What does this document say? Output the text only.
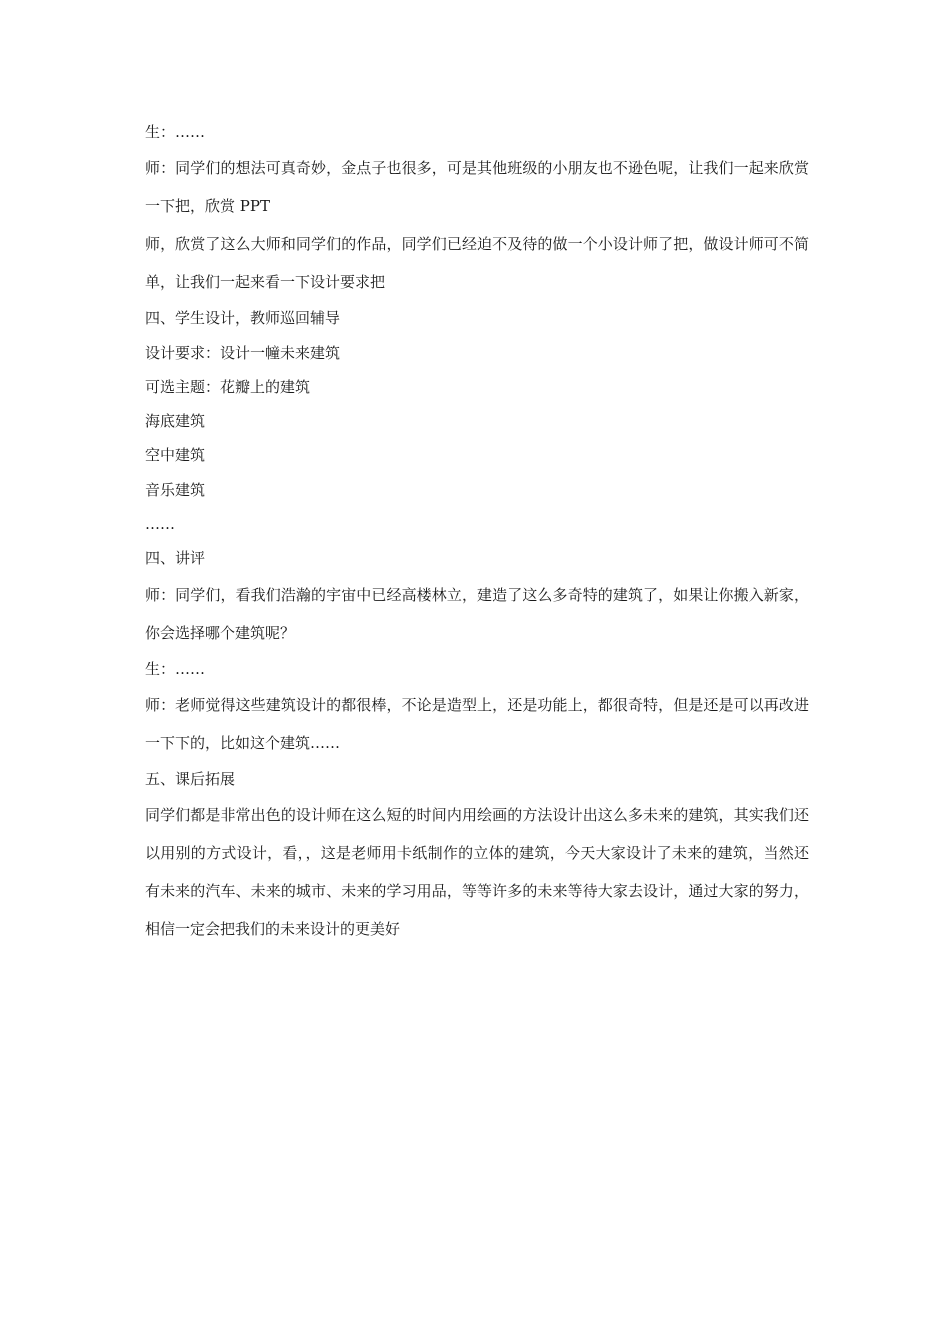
生：……

师：同学们的想法可真奇妙，金点子也很多，可是其他班级的小朋友也不逊色呢，让我们一起来欣赏一下把，欣赏 PPT

师，欣赏了这么大师和同学们的作品，同学们已经迫不及待的做一个小设计师了把，做设计师可不简单，让我们一起来看一下设计要求把

四、学生设计，教师巡回辅导

设计要求：设计一幢未来建筑

可选主题：花瓣上的建筑

海底建筑

空中建筑

音乐建筑

……

四、讲评

师：同学们，看我们浩瀚的宇宙中已经高楼林立，建造了这么多奇特的建筑了，如果让你搬入新家，你会选择哪个建筑呢？

生：……

师：老师觉得这些建筑设计的都很棒，不论是造型上，还是功能上，都很奇特，但是还是可以再改进一下下的，比如这个建筑……

五、课后拓展

同学们都是非常出色的设计师在这么短的时间内用绘画的方法设计出这么多未来的建筑，其实我们还以用别的方式设计，看，，这是老师用卡纸制作的立体的建筑，今天大家设计了未来的建筑，当然还有未来的汽车、未来的城市、未来的学习用品，等等许多的未来等待大家去设计，通过大家的努力，相信一定会把我们的未来设计的更美好
